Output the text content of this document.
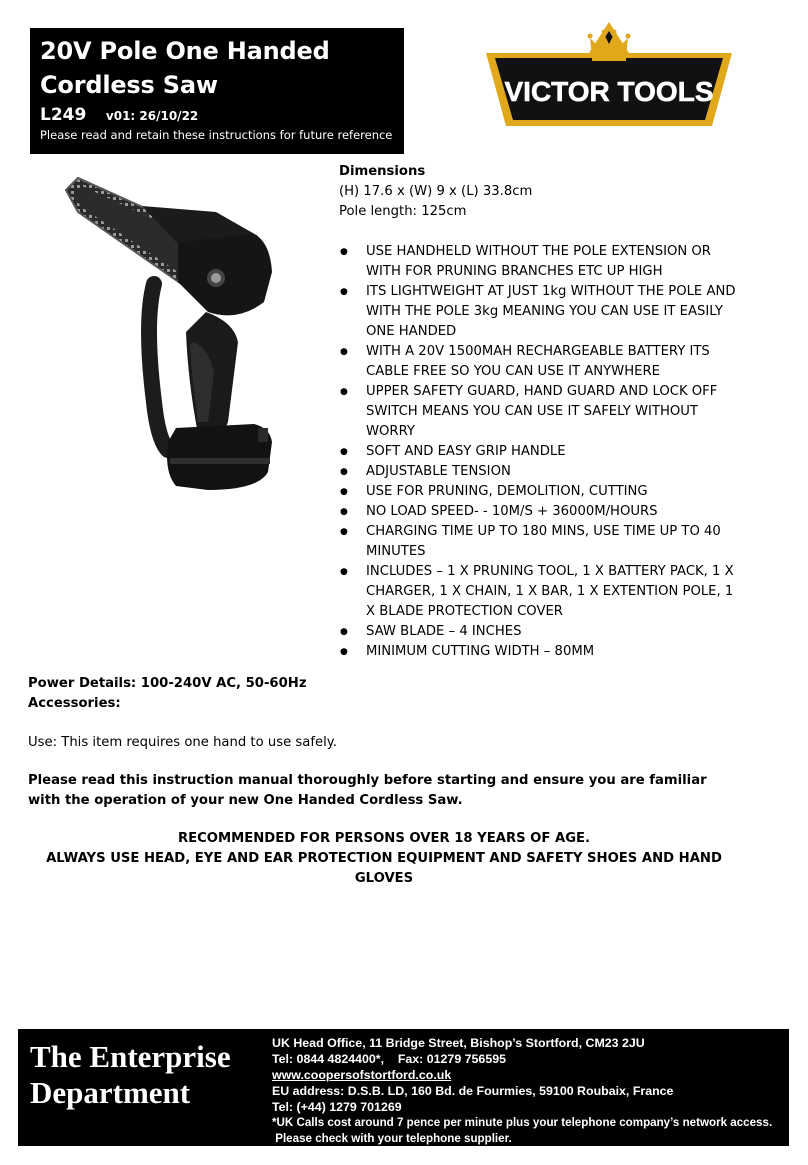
20V Pole One Handed
Cordless Saw
L249 v01: 26/10/22
Please read and retain these instructions for future reference
VICTOR TOOLS
Dimensions
(H) 17.6 x (W) 9 x (L) 33.8cm
Pole length: 125cm
● USE HANDHELD WITHOUT THE POLE EXTENSION OR WITH FOR PRUNING BRANCHES ETC UP HIGH
● ITS LIGHTWEIGHT AT JUST 1kg WITHOUT THE POLE AND WITH THE POLE 3kg MEANING YOU CAN USE IT EASILY ONE HANDED
● WITH A 20V 1500MAH RECHARGEABLE BATTERY ITS CABLE FREE SO YOU CAN USE IT ANYWHERE
● UPPER SAFETY GUARD, HAND GUARD AND LOCK OFF SWITCH MEANS YOU CAN USE IT SAFELY WITHOUT WORRY
● SOFT AND EASY GRIP HANDLE
● ADJUSTABLE TENSION
● USE FOR PRUNING, DEMOLITION, CUTTING
● NO LOAD SPEED- - 10M/S + 36000M/HOURS
● CHARGING TIME UP TO 180 MINS, USE TIME UP TO 40 MINUTES
● INCLUDES – 1 X PRUNING TOOL, 1 X BATTERY PACK, 1 X CHARGER, 1 X CHAIN, 1 X BAR, 1 X EXTENTION POLE, 1 X BLADE PROTECTION COVER
● SAW BLADE – 4 INCHES
● MINIMUM CUTTING WIDTH – 80MM
Power Details: 100-240V AC, 50-60Hz
Accessories:
Use: This item requires one hand to use safely.
Please read this instruction manual thoroughly before starting and ensure you are familiar with the operation of your new One Handed Cordless Saw.
RECOMMENDED FOR PERSONS OVER 18 YEARS OF AGE.
ALWAYS USE HEAD, EYE AND EAR PROTECTION EQUIPMENT AND SAFETY SHOES AND HAND GLOVES
The Enterprise
Department
UK Head Office, 11 Bridge Street, Bishop’s Stortford, CM23 2JU
Tel: 0844 4824400*,    Fax: 01279 756595
www.coopersofstortford.co.uk
EU address: D.S.B. LD, 160 Bd. de Fourmies, 59100 Roubaix, France
Tel: (+44) 1279 701269
*UK Calls cost around 7 pence per minute plus your telephone company’s network access.
Please check with your telephone supplier.
